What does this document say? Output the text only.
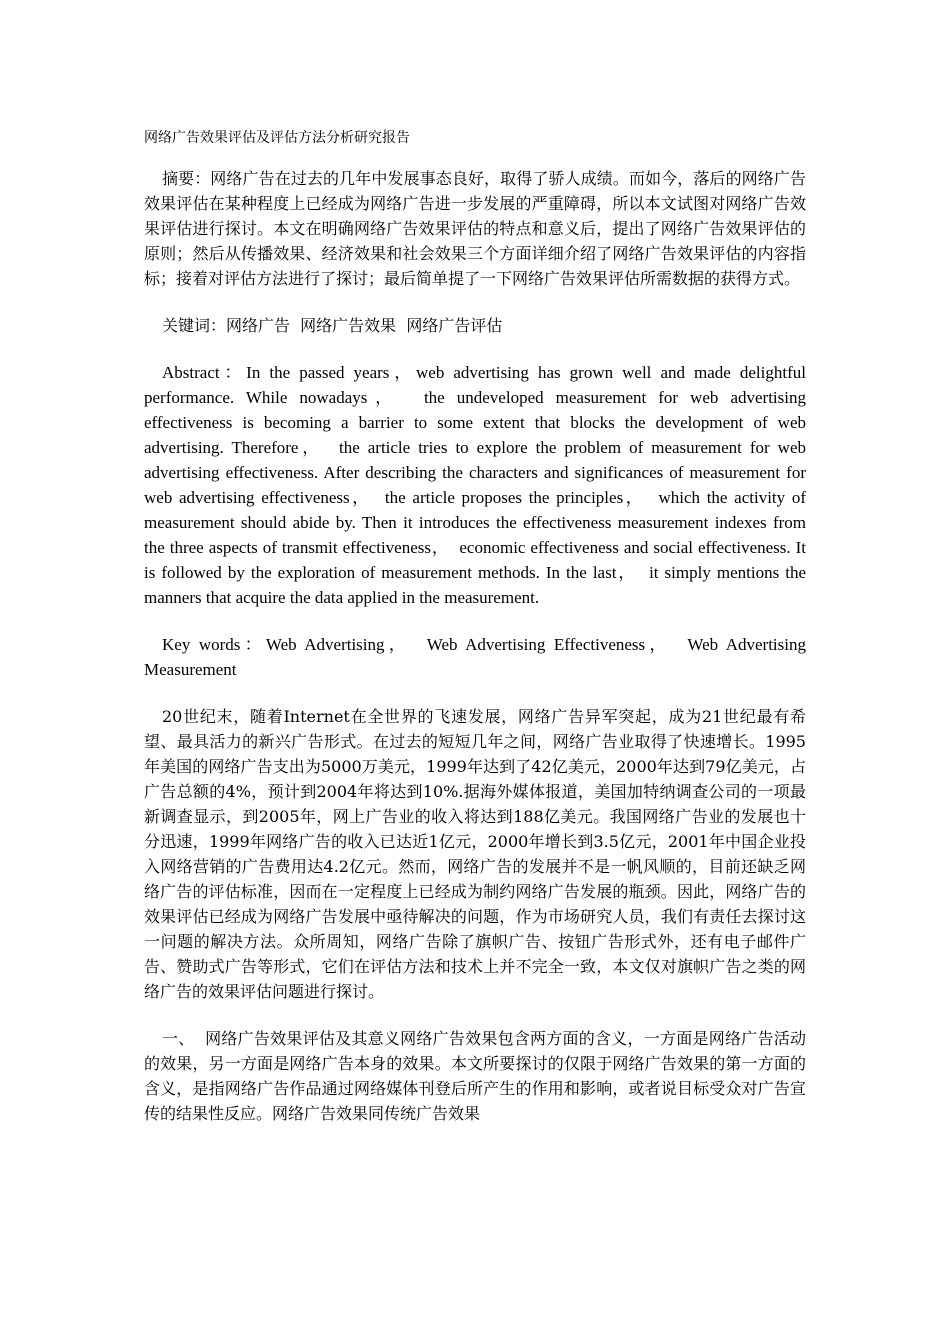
网络广告效果评估及评估方法分析研究报告

摘要：网络广告在过去的几年中发展事态良好，取得了骄人成绩。而如今，落后的网络广告效果评估在某种程度上已经成为网络广告进一步发展的严重障碍，所以本文试图对网络广告效果评估进行探讨。本文在明确网络广告效果评估的特点和意义后，提出了网络广告效果评估的原则；然后从传播效果、经济效果和社会效果三个方面详细介绍了网络广告效果评估的内容指标；接着对评估方法进行了探讨；最后简单提了一下网络广告效果评估所需数据的获得方式。

关键词：网络广告  网络广告效果  网络广告评估

Abstract：In the passed years，web advertising has grown well and made delightful performance. While nowadays，  the undeveloped measurement for web advertising effectiveness is becoming a barrier to some extent that blocks the development of web advertising. Therefore，  the article tries to explore the problem of measurement for web advertising effectiveness. After describing the characters and significances of measurement for web advertising effectiveness，  the article proposes the principles，  which the activity of measurement should abide by. Then it introduces the effectiveness measurement indexes from the three aspects of transmit effectiveness，  economic effectiveness and social effectiveness. It is followed by the exploration of measurement methods. In the last，  it simply mentions the manners that acquire the data applied in the measurement.

Key words：Web Advertising，  Web Advertising Effectiveness，  Web Advertising Measurement

20世纪末，随着Internet在全世界的飞速发展，网络广告异军突起，成为21世纪最有希望、最具活力的新兴广告形式。在过去的短短几年之间，网络广告业取得了快速增长。1995年美国的网络广告支出为5000万美元，1999年达到了42亿美元，2000年达到79亿美元，占广告总额的4%，预计到2004年将达到10%.据海外媒体报道，美国加特纳调查公司的一项最新调查显示，到2005年，网上广告业的收入将达到188亿美元。我国网络广告业的发展也十分迅速，1999年网络广告的收入已达近1亿元，2000年增长到3.5亿元，2001年中国企业投入网络营销的广告费用达4.2亿元。然而，网络广告的发展并不是一帆风顺的，目前还缺乏网络广告的评估标准，因而在一定程度上已经成为制约网络广告发展的瓶颈。因此，网络广告的效果评估已经成为网络广告发展中亟待解决的问题，作为市场研究人员，我们有责任去探讨这一问题的解决方法。众所周知，网络广告除了旗帜广告、按钮广告形式外，还有电子邮件广告、赞助式广告等形式，它们在评估方法和技术上并不完全一致，本文仅对旗帜广告之类的网络广告的效果评估问题进行探讨。

一、  网络广告效果评估及其意义网络广告效果包含两方面的含义，一方面是网络广告活动的效果，另一方面是网络广告本身的效果。本文所要探讨的仅限于网络广告效果的第一方面的含义，是指网络广告作品通过网络媒体刊登后所产生的作用和影响，或者说目标受众对广告宣传的结果性反应。网络广告效果同传统广告效果
